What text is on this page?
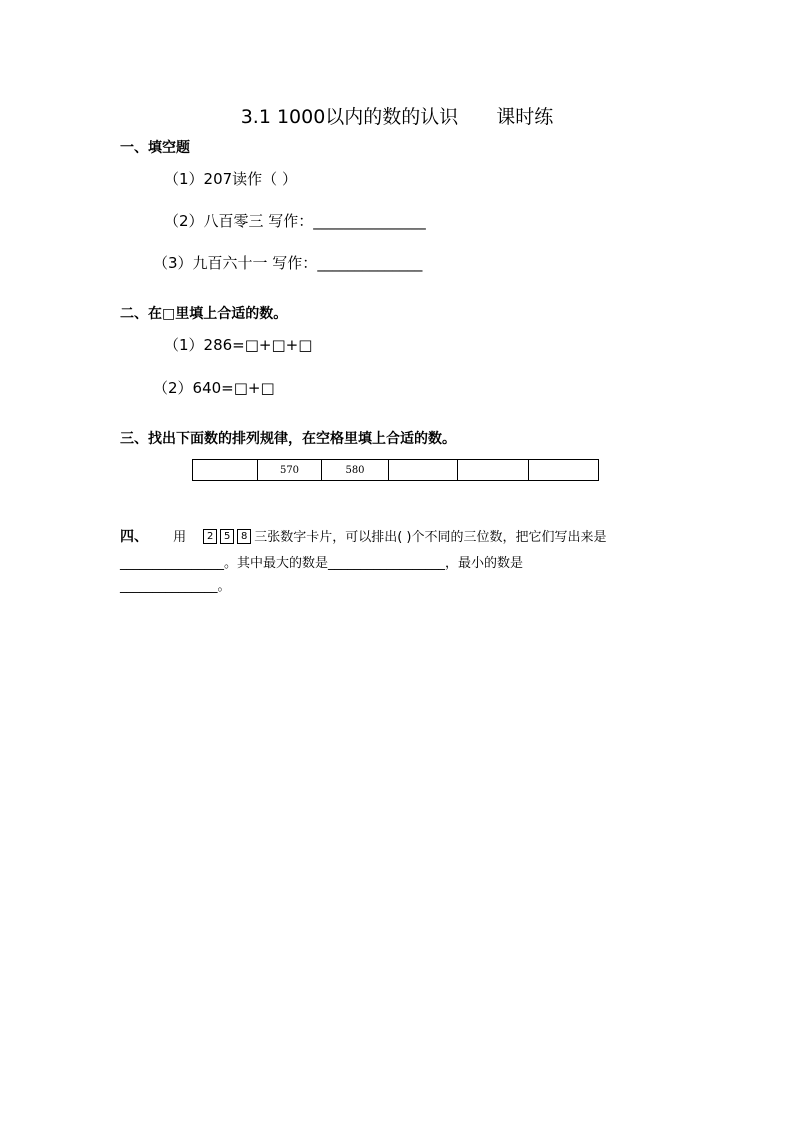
3.1 1000以内的数的认识　　课时练
一、填空题
（1）207读作（ ）
（2）八百零三 写作：_______________
（3）九百六十一 写作：______________
二、在□里填上合适的数。
（1）286=□+□+□
（2）640=□+□
三、找出下面数的排列规律，在空格里填上合适的数。
	570	580			
四、 用 2 5 8 三张数字卡片，可以排出( )个不同的三位数，把它们写出来是
________________。其中最大的数是__________________，最小的数是
_______________。
